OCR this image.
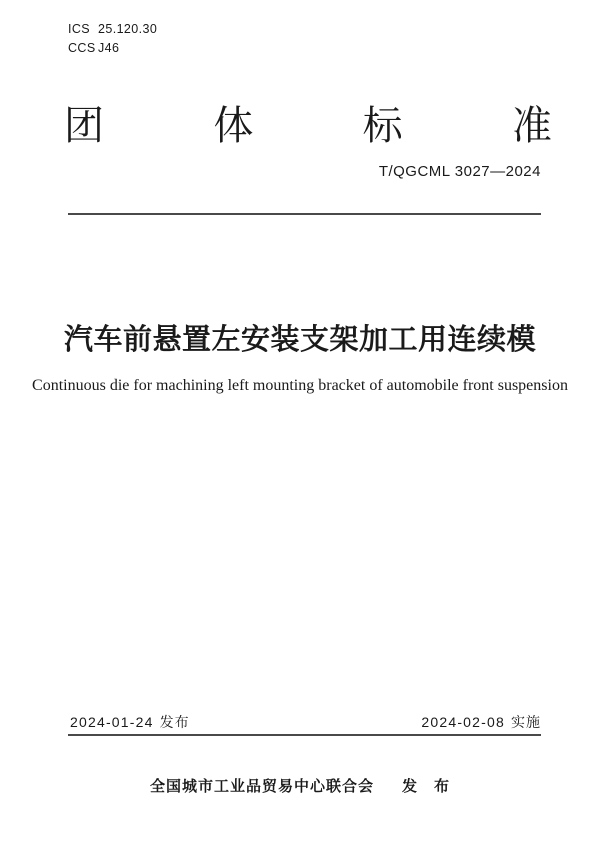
ICS 25.120.30
CCS J46
团	体	标	准
T/QGCML 3027—2024
汽车前悬置左安装支架加工用连续模
Continuous die for machining left mounting bracket of automobile front suspension
2024-01-24 发布	2024-02-08 实施
全国城市工业品贸易中心联合会 发　布
